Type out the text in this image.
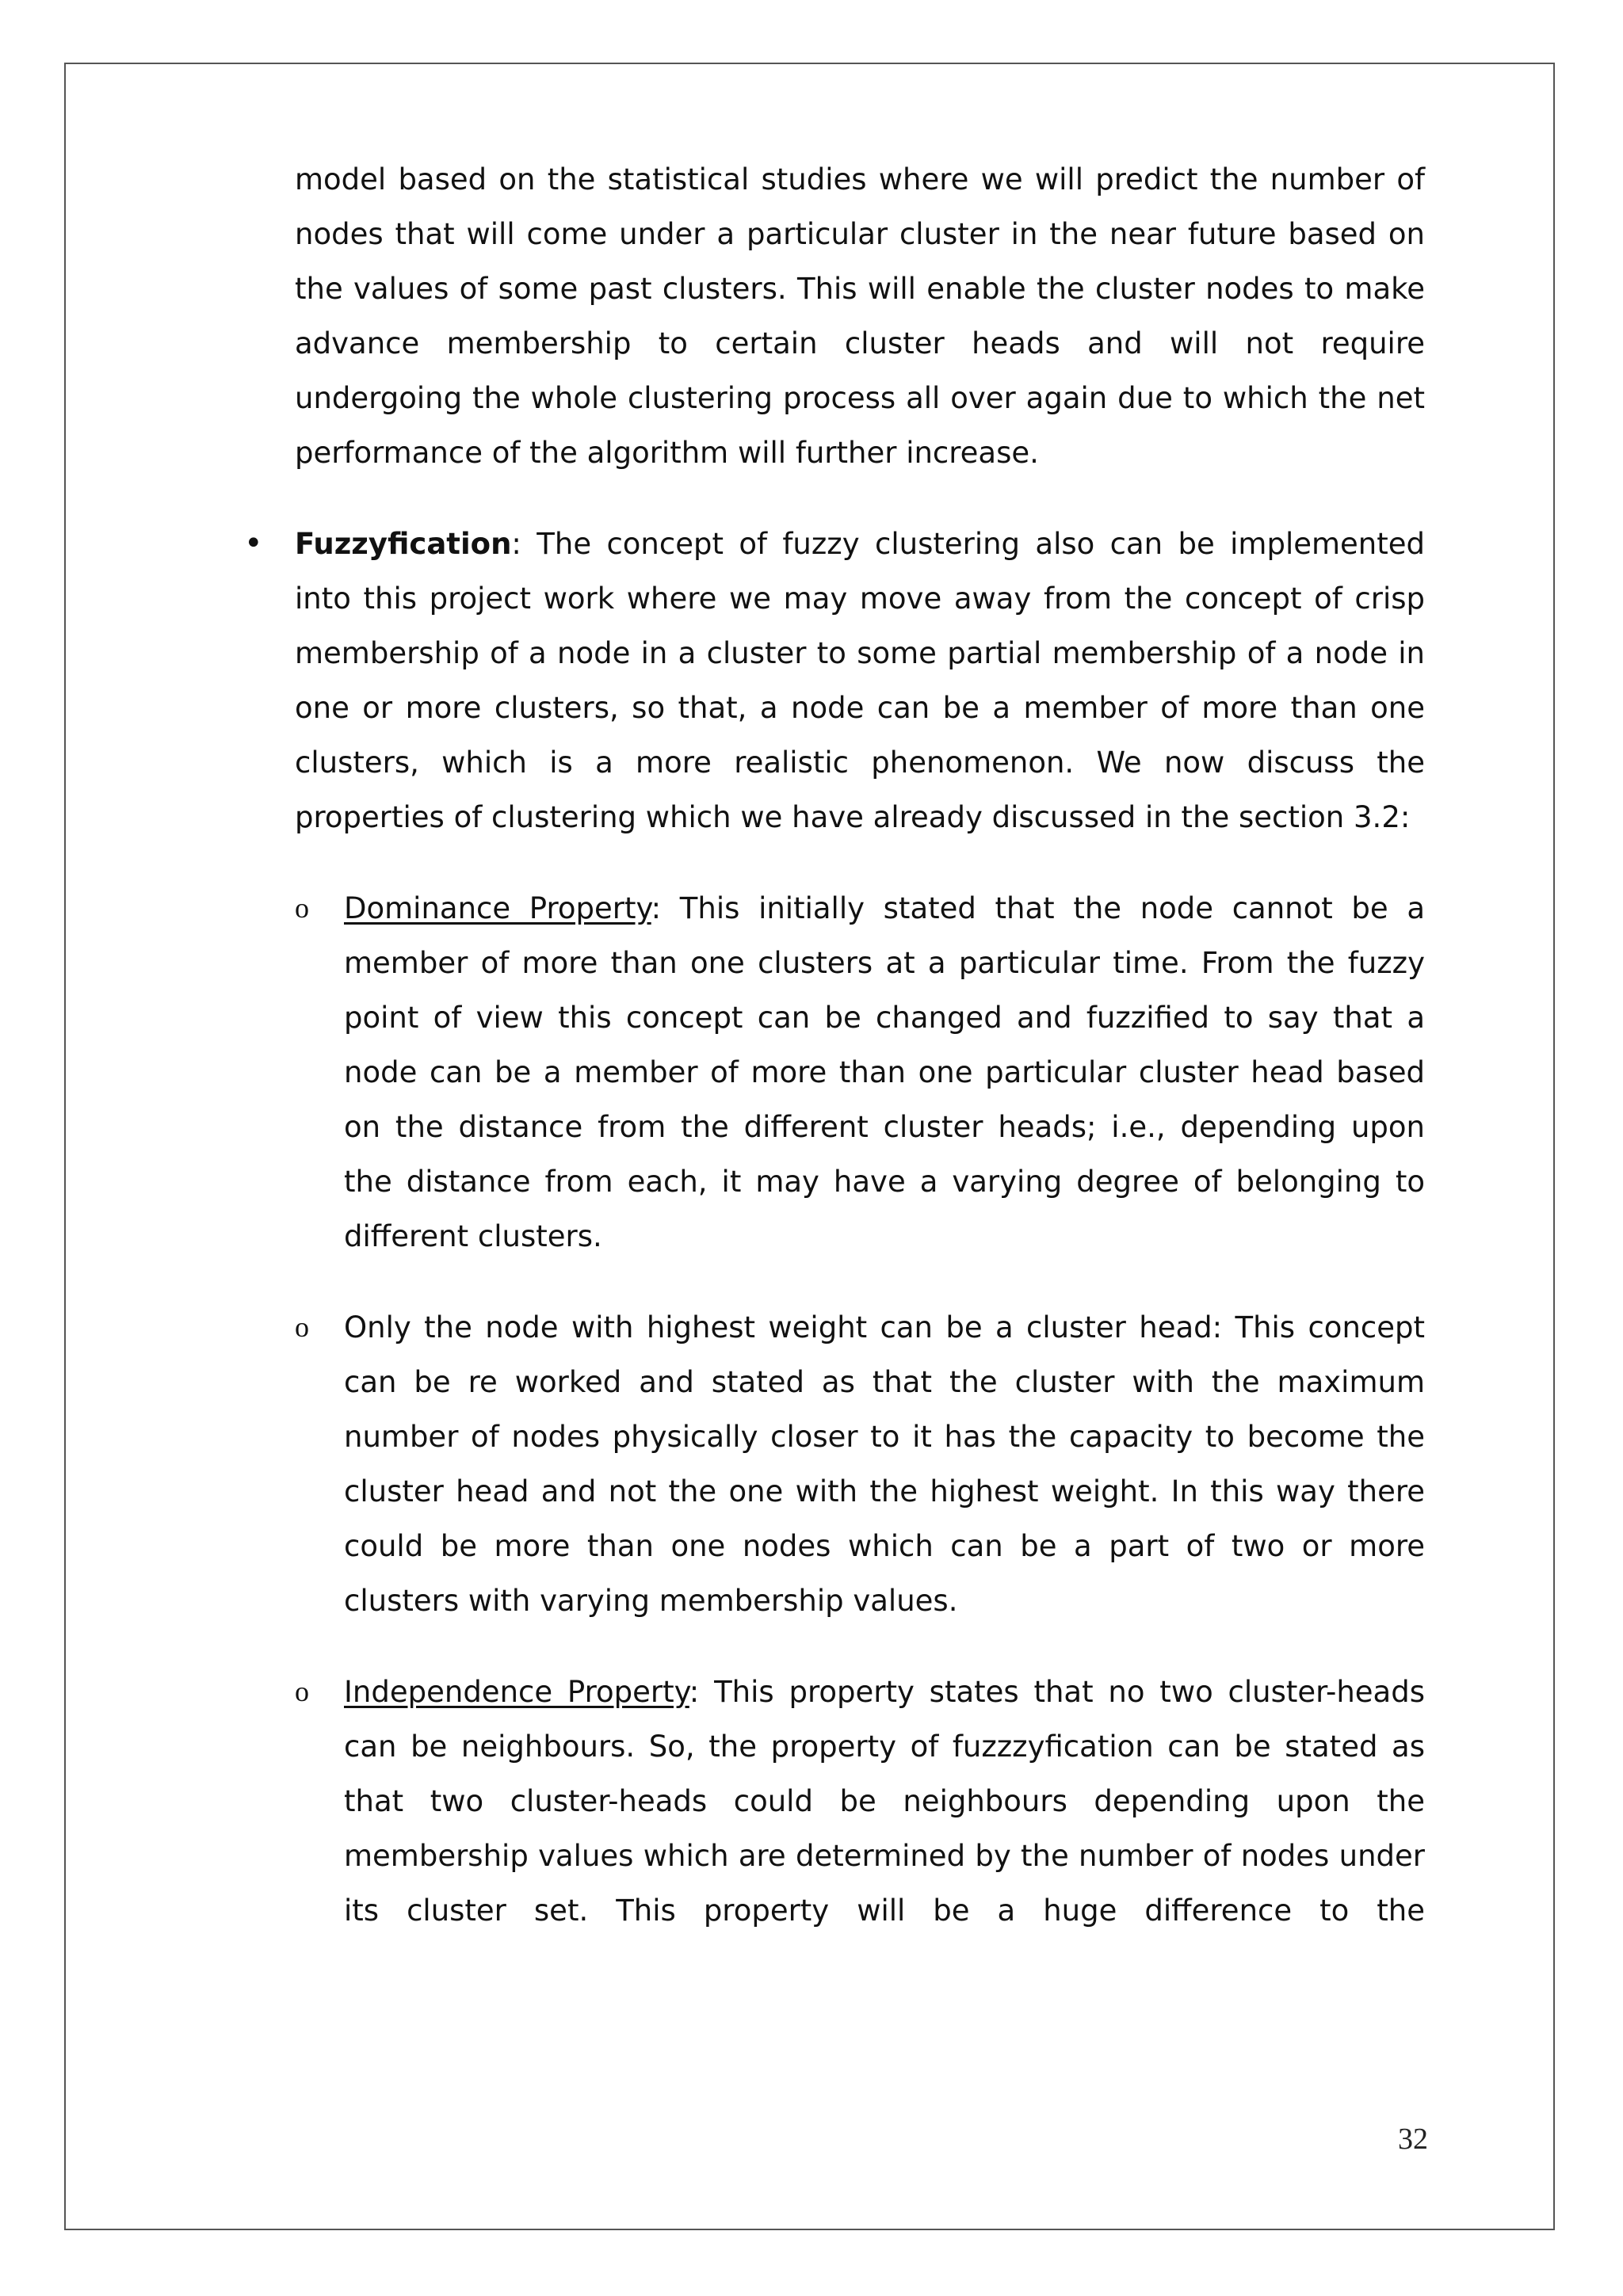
model based on the statistical studies where we will predict the number of nodes that will come under a particular cluster in the near future based on the values of some past clusters. This will enable the cluster nodes to make advance membership to certain cluster heads and will not require undergoing the whole clustering process all over again due to which the net performance of the algorithm will further increase.

• Fuzzyfication: The concept of fuzzy clustering also can be implemented into this project work where we may move away from the concept of crisp membership of a node in a cluster to some partial membership of a node in one or more clusters, so that, a node can be a member of more than one clusters, which is a more realistic phenomenon. We now discuss the properties of clustering which we have already discussed in the section 3.2:

o Dominance Property: This initially stated that the node cannot be a member of more than one clusters at a particular time. From the fuzzy point of view this concept can be changed and fuzzified to say that a node can be a member of more than one particular cluster head based on the distance from the different cluster heads; i.e., depending upon the distance from each, it may have a varying degree of belonging to different clusters.

o Only the node with highest weight can be a cluster head: This concept can be re worked and stated as that the cluster with the maximum number of nodes physically closer to it has the capacity to become the cluster head and not the one with the highest weight. In this way there could be more than one nodes which can be a part of two or more clusters with varying membership values.

o Independence Property: This property states that no two cluster-heads can be neighbours. So, the property of fuzzzyfication can be stated as that two cluster-heads could be neighbours depending upon the membership values which are determined by the number of nodes under its cluster set. This property will be a huge difference to the

32
